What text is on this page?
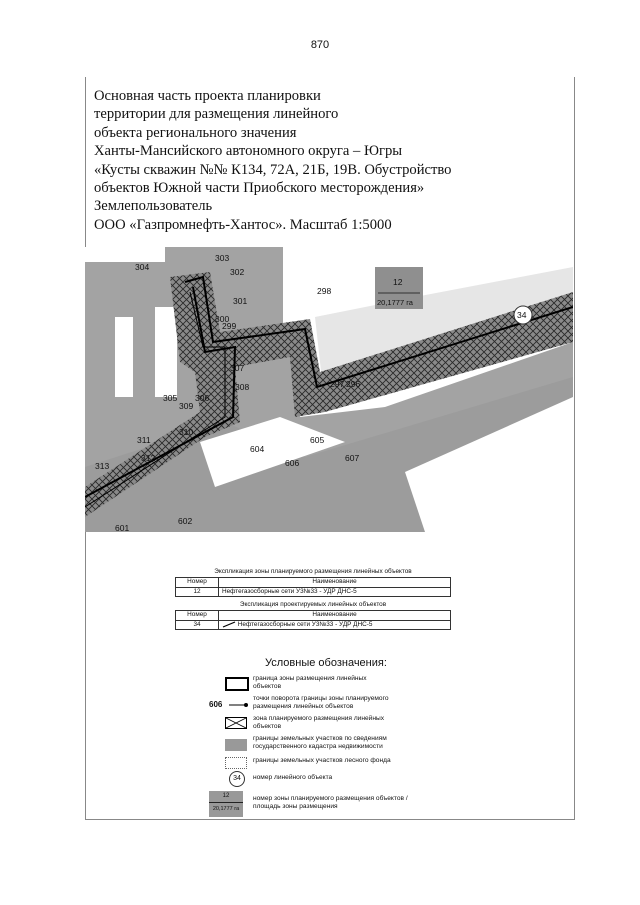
870
Основная часть проекта планировки
территории для размещения линейного
объекта регионального значения
Ханты-Мансийского автономного округа – Югры
«Кусты скважин №№ К134, 72А, 21Б, 19В. Обустройство
объектов Южной части Приобского месторождения»
Землепользователь
ООО «Газпромнефть-Хантос». Масштаб 1:5000
12
20,1777 га
34
304
303
302
298
301
300
299
307
308	297 296
305 306
309
310
311
312
313
604
605
606	607
602
601
Экспликация зоны планируемого размещения линейных объектов
Номер	Наименование
12	Нефтегазосборные сети У3№33 - УДР ДНС-5
Экспликация проектируемых линейных объектов
Номер	Наименование
34	Нефтегазосборные сети У3№33 - УДР ДНС-5
Условные обозначения:
граница зоны размещения линейных объектов
606
точки поворота границы зоны планируемого размещения линейных объектов
зона планируемого размещения линейных объектов
границы земельных участков по сведениям государственного кадастра недвижимости
границы земельных участков лесного фонда
34	номер линейного объекта
12
20,1777 га
номер зоны планируемого размещения объектов / площадь зоны размещения
